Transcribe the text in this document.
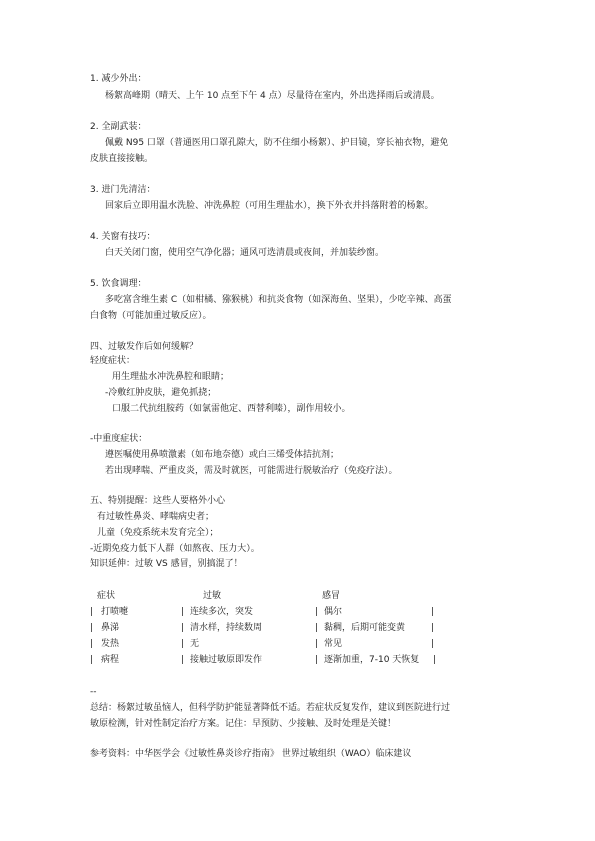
1. 减少外出：

杨絮高峰期（晴天、上午 10 点至下午 4 点）尽量待在室内，外出选择雨后或清晨。

2. 全副武装：

佩戴 N95 口罩（普通医用口罩孔隙大，防不住细小杨絮）、护目镜，穿长袖衣物，避免

皮肤直接接触。

3. 进门先清洁：

回家后立即用温水洗脸、冲洗鼻腔（可用生理盐水），换下外衣并抖落附着的杨絮。

4. 关窗有技巧：

白天关闭门窗，使用空气净化器；通风可选清晨或夜间，并加装纱窗。

5. 饮食调理：

多吃富含维生素 C（如柑橘、猕猴桃）和抗炎食物（如深海鱼、坚果），少吃辛辣、高蛋

白食物（可能加重过敏反应）。

四、过敏发作后如何缓解？

轻度症状：

用生理盐水冲洗鼻腔和眼睛；

-冷敷红肿皮肤，避免抓挠；

口服二代抗组胺药（如氯雷他定、西替利嗪），副作用较小。

-中重度症状：

遵医嘱使用鼻喷激素（如布地奈德）或白三烯受体拮抗剂；

若出现哮喘、严重皮炎，需及时就医，可能需进行脱敏治疗（免疫疗法）。

五、特别提醒：这些人要格外小心

有过敏性鼻炎、哮喘病史者；

儿童（免疫系统未发育完全）；

-近期免疫力低下人群（如熬夜、压力大）。

知识延伸：过敏 VS 感冒，别搞混了！

症状	过敏	感冒
| 打喷嚏	| 连续多次，突发	| 偶尔	|
| 鼻涕	| 清水样，持续数周	| 黏稠，后期可能变黄	|
| 发热	| 无	| 常见	|
| 病程	| 接触过敏原即发作	| 逐渐加重，7-10 天恢复 |

--

总结：杨絮过敏虽恼人，但科学防护能显著降低不适。若症状反复发作，建议到医院进行过

敏原检测，针对性制定治疗方案。记住：早预防、少接触、及时处理是关键！

参考资料：中华医学会《过敏性鼻炎诊疗指南》 世界过敏组织（WAO）临床建议
